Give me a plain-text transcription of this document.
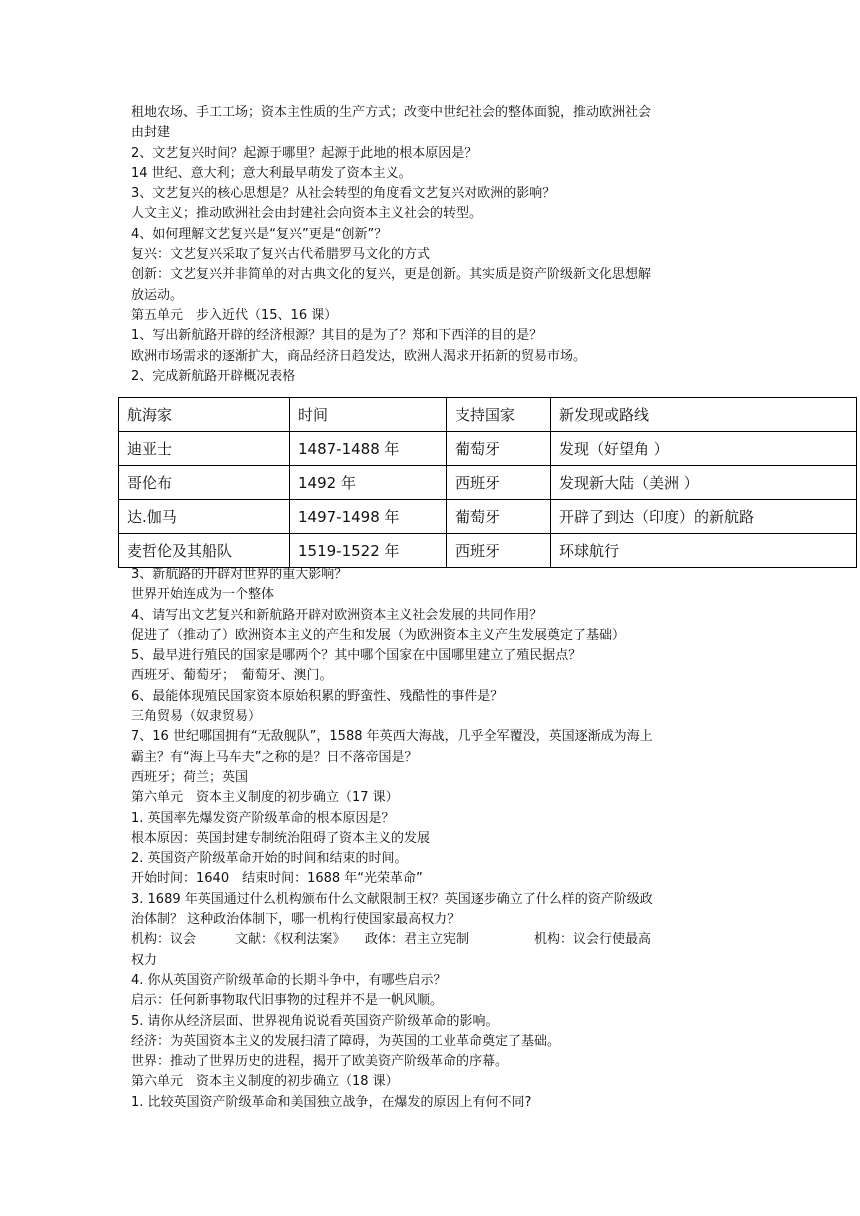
租地农场、手工工场；资本主性质的生产方式；改变中世纪社会的整体面貌，推动欧洲社会
由封建
2、文艺复兴时间？起源于哪里？起源于此地的根本原因是？
14 世纪、意大利；意大利最早萌发了资本主义。
3、文艺复兴的核心思想是？从社会转型的角度看文艺复兴对欧洲的影响？
人文主义；推动欧洲社会由封建社会向资本主义社会的转型。
4、如何理解文艺复兴是“复兴”更是“创新”？
复兴：文艺复兴采取了复兴古代希腊罗马文化的方式
创新：文艺复兴并非简单的对古典文化的复兴，更是创新。其实质是资产阶级新文化思想解
放运动。
第五单元　步入近代（15、16 课）
1、写出新航路开辟的经济根源？其目的是为了？郑和下西洋的目的是？
欧洲市场需求的逐渐扩大，商品经济日趋发达，欧洲人渴求开拓新的贸易市场。
2、完成新航路开辟概况表格
航海家	时间	支持国家	新发现或路线
迪亚士	1487-1488 年	葡萄牙	发现（好望角 ）
哥伦布	1492 年	西班牙	发现新大陆（美洲 ）
达.伽马	1497-1498 年	葡萄牙	开辟了到达（印度）的新航路
麦哲伦及其船队	1519-1522 年	西班牙	环球航行
3、新航路的开辟对世界的重大影响？
世界开始连成为一个整体
4、请写出文艺复兴和新航路开辟对欧洲资本主义社会发展的共同作用？
促进了（推动了）欧洲资本主义的产生和发展（为欧洲资本主义产生发展奠定了基础）
5、最早进行殖民的国家是哪两个？其中哪个国家在中国哪里建立了殖民据点？
西班牙、葡萄牙；　葡萄牙、澳门。
6、最能体现殖民国家资本原始积累的野蛮性、残酷性的事件是？
三角贸易（奴隶贸易）
7、16 世纪哪国拥有“无敌舰队”，1588 年英西大海战，几乎全军覆没，英国逐渐成为海上
霸主？有“海上马车夫”之称的是？日不落帝国是？
西班牙；荷兰；英国
第六单元　资本主义制度的初步确立（17 课）
1. 英国率先爆发资产阶级革命的根本原因是？
根本原因：英国封建专制统治阻碍了资本主义的发展
2. 英国资产阶级革命开始的时间和结束的时间。
开始时间：1640　结束时间：1688 年“光荣革命”
3. 1689 年英国通过什么机构颁布什么文献限制王权？英国逐步确立了什么样的资产阶级政
治体制？ 这种政治体制下，哪一机构行使国家最高权力？
机构：议会　　　文献：《权利法案》　　政体：君主立宪制　　　　　机构：议会行使最高
权力
4. 你从英国资产阶级革命的长期斗争中，有哪些启示？
启示：任何新事物取代旧事物的过程并不是一帆风顺。
5. 请你从经济层面、世界视角说说看英国资产阶级革命的影响。
经济：为英国资本主义的发展扫清了障碍，为英国的工业革命奠定了基础。
世界：推动了世界历史的进程，揭开了欧美资产阶级革命的序幕。
第六单元　资本主义制度的初步确立（18 课）
1. 比较英国资产阶级革命和美国独立战争，在爆发的原因上有何不同?
